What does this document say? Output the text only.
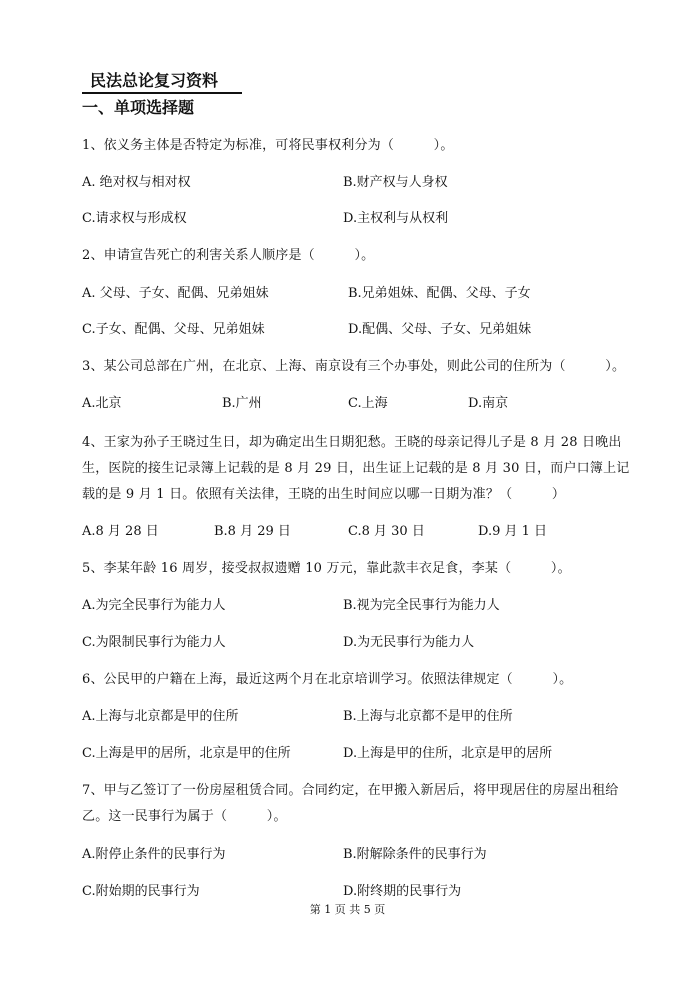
民法总论复习资料
一、单项选择题
1、依义务主体是否特定为标准，可将民事权利分为（　　　）。
A. 绝对权与相对权	B.财产权与人身权
C.请求权与形成权	D.主权利与从权利
2、申请宣告死亡的利害关系人顺序是（　　　）。
A. 父母、子女、配偶、兄弟姐妹	B.兄弟姐妹、配偶、父母、子女
C.子女、配偶、父母、兄弟姐妹	D.配偶、父母、子女、兄弟姐妹
3、某公司总部在广州，在北京、上海、南京设有三个办事处，则此公司的住所为（　　　）。
A.北京	B.广州	C.上海	D.南京
4、王家为孙子王晓过生日，却为确定出生日期犯愁。王晓的母亲记得儿子是 8 月 28 日晚出生，医院的接生记录簿上记载的是 8 月 29 日，出生证上记载的是 8 月 30 日，而户口簿上记载的是 9 月 1 日。依照有关法律，王晓的出生时间应以哪一日期为准？（　　　）
A.8 月 28 日	B.8 月 29 日	C.8 月 30 日	D.9 月 1 日
5、李某年龄 16 周岁，接受叔叔遗赠 10 万元，靠此款丰衣足食，李某（　　　）。
A.为完全民事行为能力人	B.视为完全民事行为能力人
C.为限制民事行为能力人	D.为无民事行为能力人
6、公民甲的户籍在上海，最近这两个月在北京培训学习。依照法律规定（　　　）。
A.上海与北京都是甲的住所	B.上海与北京都不是甲的住所
C.上海是甲的居所，北京是甲的住所	D.上海是甲的住所，北京是甲的居所
7、甲与乙签订了一份房屋租赁合同。合同约定，在甲搬入新居后，将甲现居住的房屋出租给乙。这一民事行为属于（　　　）。
A.附停止条件的民事行为	B.附解除条件的民事行为
C.附始期的民事行为	D.附终期的民事行为
第 1 页 共 5 页
